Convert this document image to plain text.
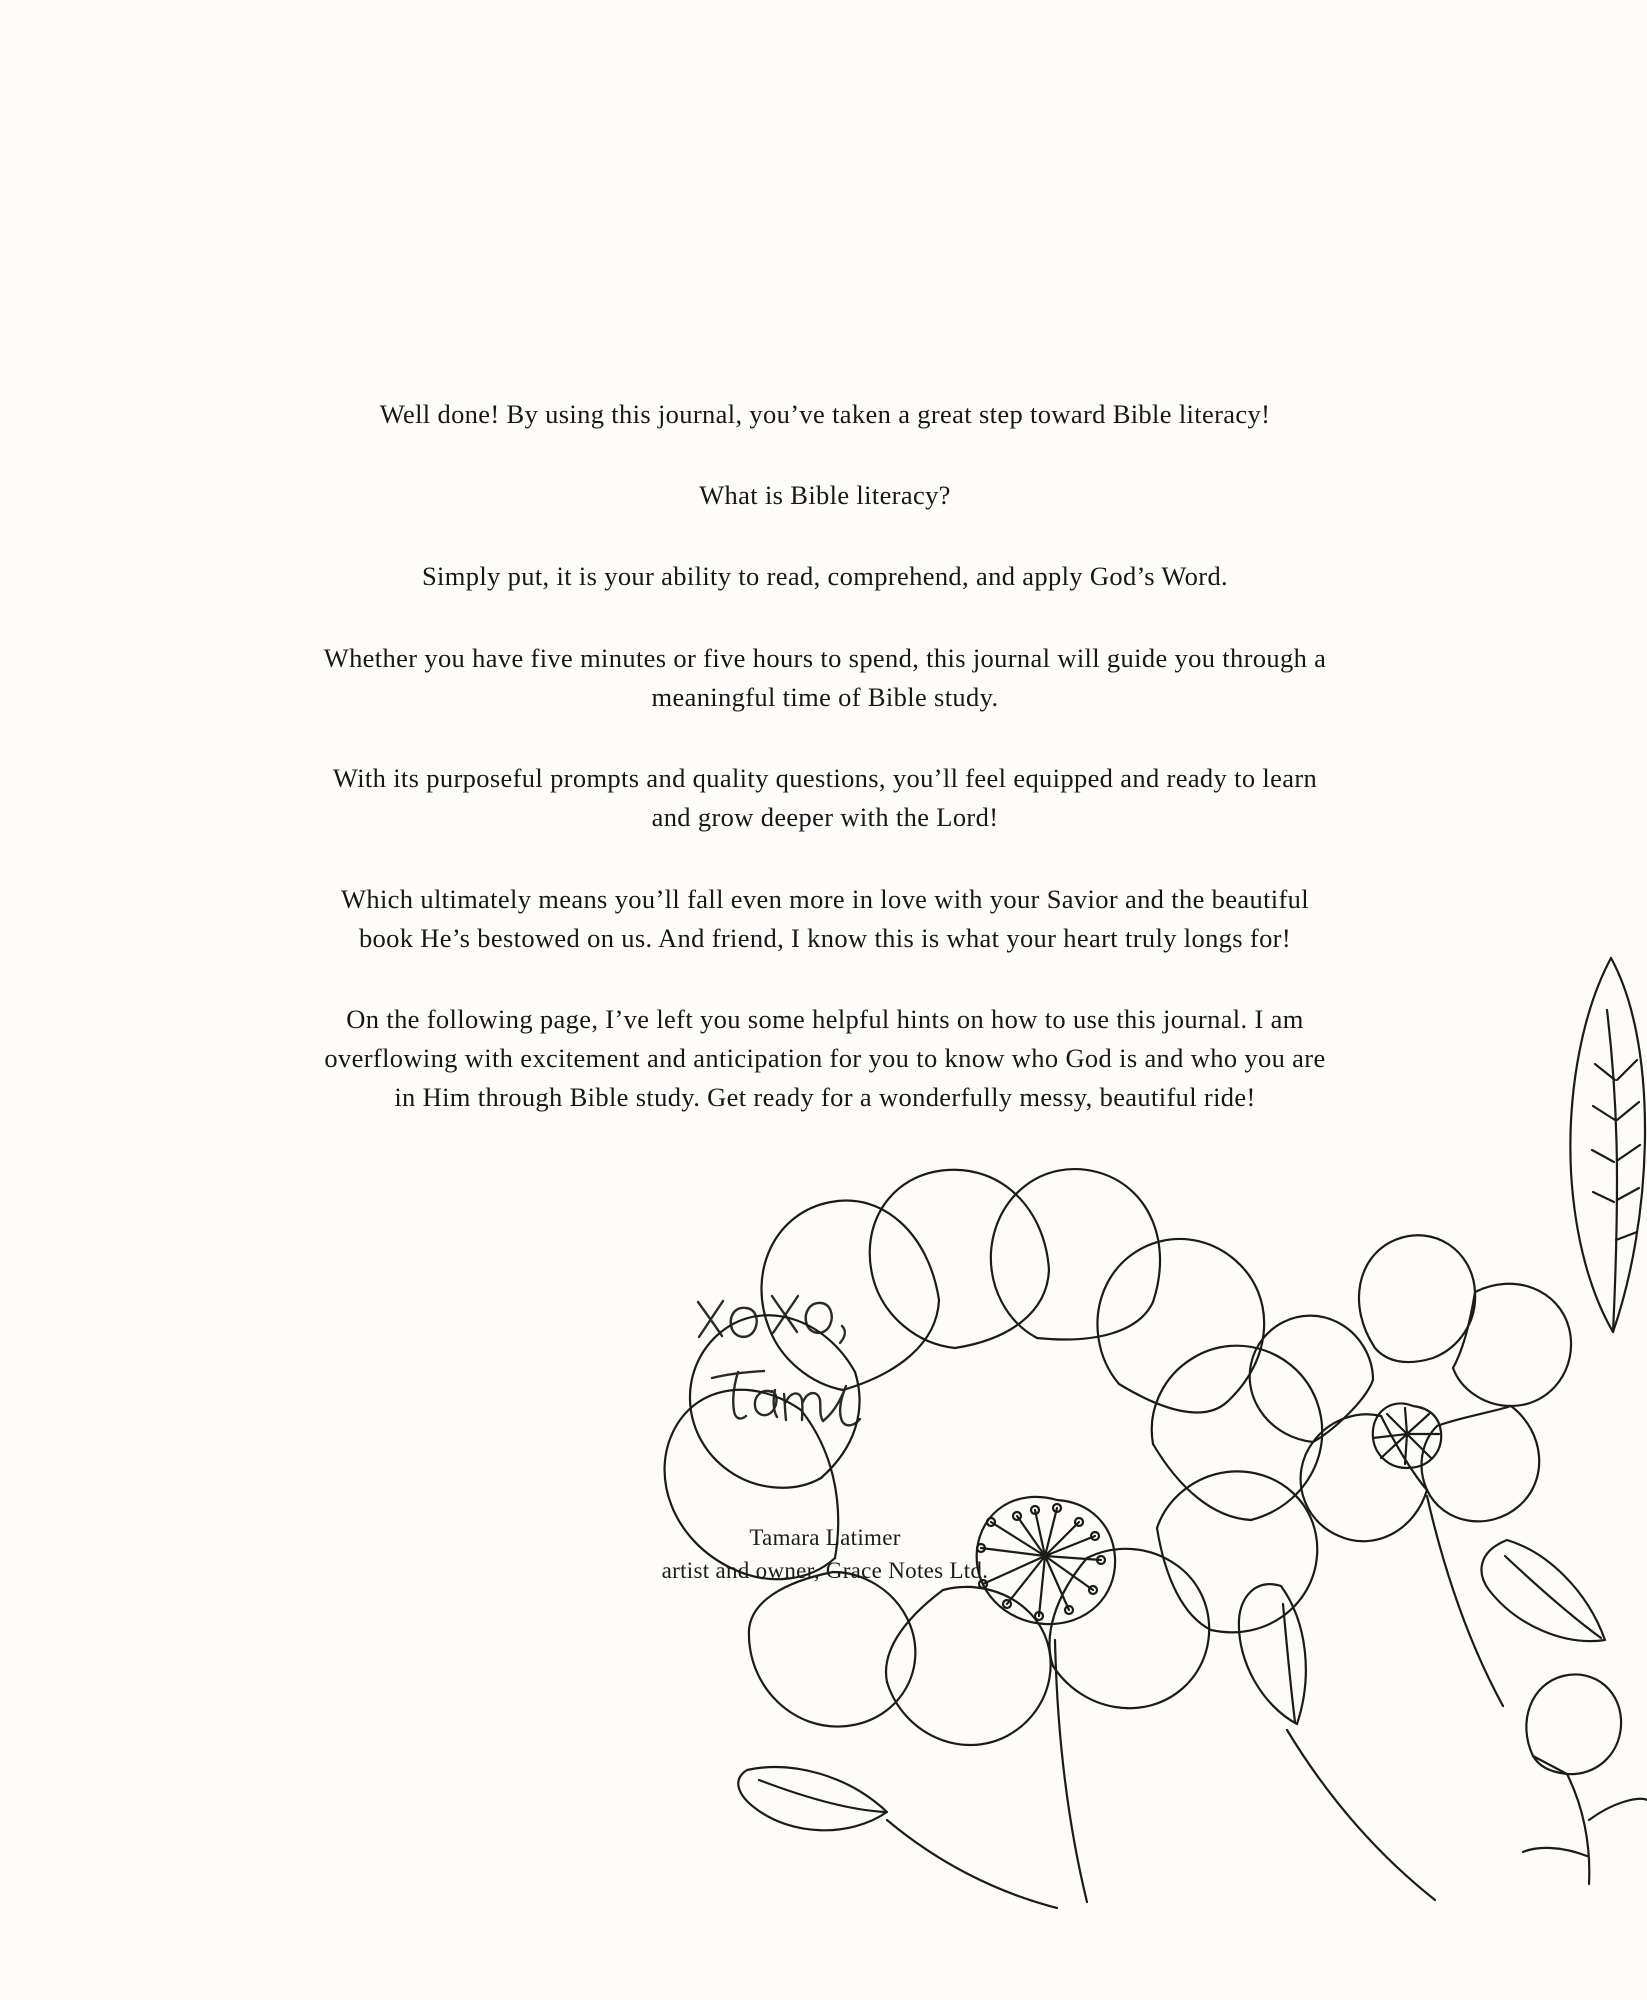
Well done! By using this journal, you’ve taken a great step toward Bible literacy!

What is Bible literacy?

Simply put, it is your ability to read, comprehend, and apply God’s Word.

Whether you have five minutes or five hours to spend, this journal will guide you through a meaningful time of Bible study.

With its purposeful prompts and quality questions, you’ll feel equipped and ready to learn and grow deeper with the Lord!

Which ultimately means you’ll fall even more in love with your Savior and the beautiful book He’s bestowed on us. And friend, I know this is what your heart truly longs for!

On the following page, I’ve left you some helpful hints on how to use this journal. I am overflowing with excitement and anticipation for you to know who God is and who you are in Him through Bible study. Get ready for a wonderfully messy, beautiful ride!

Tamara Latimer
artist and owner, Grace Notes Ltd.
